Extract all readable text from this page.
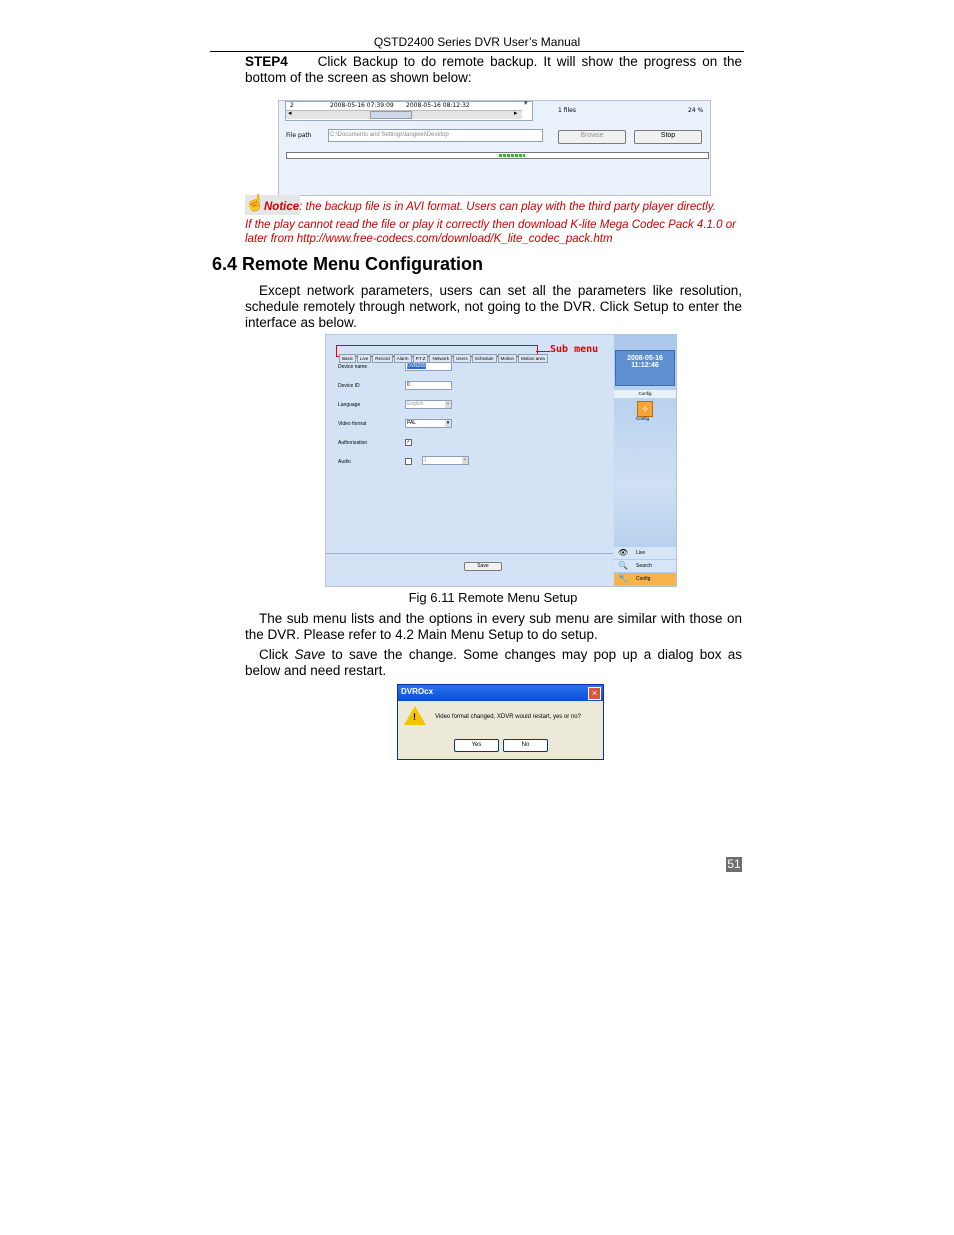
QSTD2400 Series DVR User’s Manual
STEP4 Click Backup to do remote backup. It will show the progress on the bottom of the screen as shown below:
2	2008-05-16 07:39:09 2008-05-16 08:12:32
◂	▸
▾
1 files	24 %
File path	C:\Documents and Settings\langwei\Desktop	Browse	Stop
☝ Notice: the backup file is in AVI format. Users can play with the third party player directly.
If the play cannot read the file or play it correctly then download K-lite Mega Codec Pack 4.1.0 or later from http://www.free-codecs.com/download/K_lite_codec_pack.htm
6.4 Remote Menu Configuration
Except network parameters, users can set all the parameters like resolution, schedule remotely through network, not going to the DVR. Click Setup to enter the interface as below.
Basic Live Record Alarm P.T.Z Network Users Schedule Motion Motion area
Sub menu
Device name	DVR265
Device ID	0
Language	English	▾
Video format	PAL	▾
Authorization	✓
Audio	1	▾
Save
2008-05-16
11:12:46
Config
✧
Config
👁 Live
🔍 Search
🔧 Config
Fig 6.11 Remote Menu Setup
The sub menu lists and the options in every sub menu are similar with those on the DVR. Please refer to 4.2 Main Menu Setup to do setup.
Click Save to save the change. Some changes may pop up a dialog box as below and need restart.
DVROcx	×
!	Video format changed, XDVR would restart, yes or no?
Yes	No
51
